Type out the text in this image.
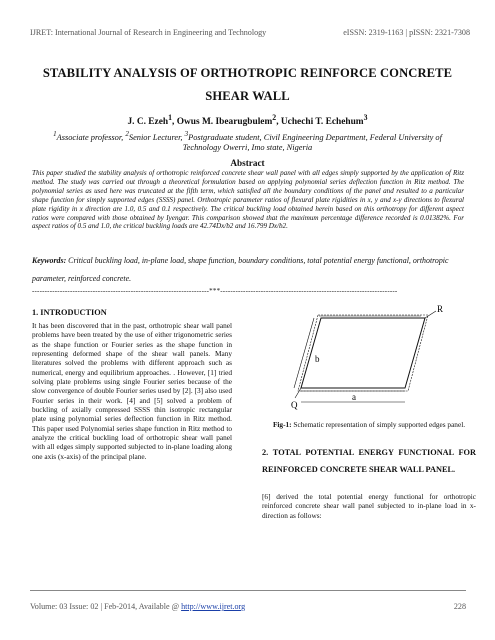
IJRET: International Journal of Research in Engineering and Technology	eISSN: 2319-1163 | pISSN: 2321-7308
STABILITY ANALYSIS OF ORTHOTROPIC REINFORCE CONCRETE
SHEAR WALL
J. C. Ezeh$^1$, Owus M. Ibearugbulem$^2$, Uchechi T. Echehum$^3$
$^1$Associate professor, $^2$Senior Lecturer, $^3$Postgraduate student, Civil Engineering Department, Federal University of
Technology Owerri, Imo state, Nigeria
Abstract
This paper studied the stability analysis of orthotropic reinforced concrete shear wall panel with all edges simply supported by the application of Ritz method. The study was carried out through a theoretical formulation based on applying polynomial series deflection function in Ritz method. The polynomial series as used here was truncated at the fifth term, which satisfied all the boundary conditions of the panel and resulted to a particular shape function for simply supported edges (SSSS) panel. Orthotropic parameter ratios of flexural plate rigidities in x, y and x-y directions to flexural plate rigidity in x direction are 1.0, 0.5 and 0.1 respectively. The critical buckling load obtained herein based on this orthotropy for different aspect ratios were compared with those obtained by Iyengar. This comparison showed that the maximum percentage difference recorded is 0.01382%. For aspect ratios of 0.5 and 1.0, the critical buckling loads are 42.74Dx/b2 and 16.799 Dx/b2.
Keywords: Critical buckling load, in-plane load, shape function, boundary conditions, total potential energy functional, orthotropic parameter, reinforced concrete.
----------------------------------------------------------------------***----------------------------------------------------------------------
1. INTRODUCTION
It has been discovered that in the past, orthotropic shear wall panel problems have been treated by the use of either trigonometric series as the shape function or Fourier series as the shape function in representing deformed shape of the shear wall panels. Many literatures solved the problems with different approach such as numerical, energy and equilibrium approaches. . However, [1] tried solving plate problems using single Fourier series because of the slow convergence of double Fourier series used by [2]. [3] also used Fourier series in their work. [4] and [5] solved a problem of buckling of axially compressed SSSS thin isotropic rectangular plate using polynomial series deflection function in Ritz method. This paper used Polynomial series shape function in Ritz method to analyze the critical buckling load of orthotropic shear wall panel with all edges simply supported subjected to in-plane loading along one axis (x-axis) of the principal plane.
R
Q
a
b
Fig-1: Schematic representation of simply supported edges panel.
2. TOTAL POTENTIAL ENERGY FUNCTIONAL FOR REINFORCED CONCRETE SHEAR WALL PANEL.
[6] derived the total potential energy functional for orthotropic reinforced concrete shear wall panel subjected to in-plane load in x- direction as follows:
Volume: 03 Issue: 02 | Feb-2014, Available @ http://www.ijret.org	228
